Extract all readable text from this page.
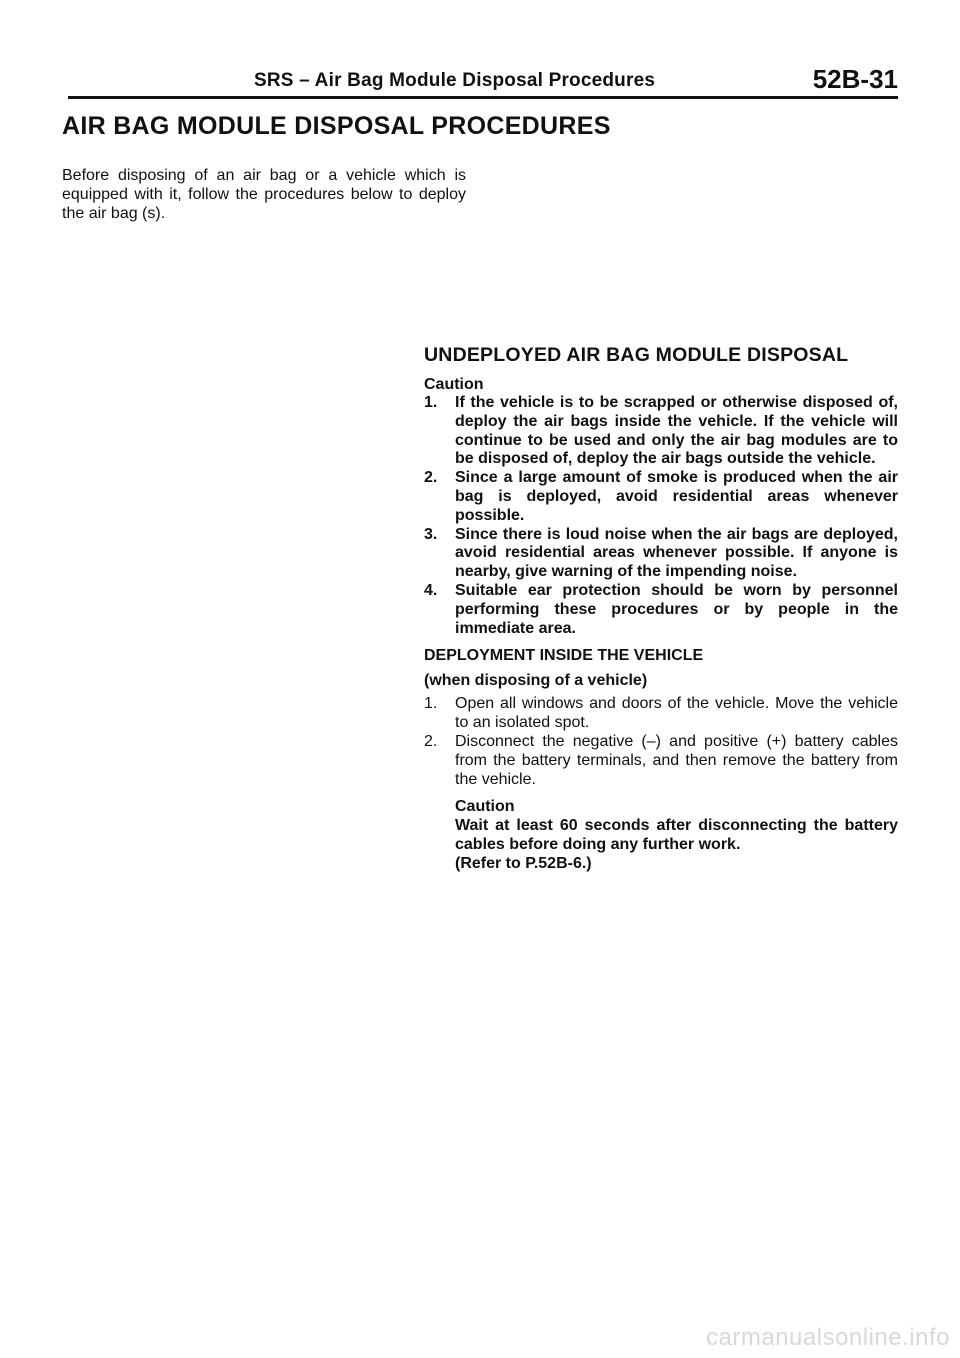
SRS – Air Bag Module Disposal Procedures	52B-31
AIR BAG MODULE DISPOSAL PROCEDURES
Before disposing of an air bag or a vehicle which is equipped with it, follow the procedures below to deploy the air bag (s).
UNDEPLOYED AIR BAG MODULE DISPOSAL
Caution
1. If the vehicle is to be scrapped or otherwise disposed of, deploy the air bags inside the vehicle. If the vehicle will continue to be used and only the air bag modules are to be disposed of, deploy the air bags outside the vehicle.
2. Since a large amount of smoke is produced when the air bag is deployed, avoid residential areas whenever possible.
3. Since there is loud noise when the air bags are deployed, avoid residential areas whenever possible. If anyone is nearby, give warning of the impending noise.
4. Suitable ear protection should be worn by personnel performing these procedures or by people in the immediate area.
DEPLOYMENT INSIDE THE VEHICLE
(when disposing of a vehicle)
1. Open all windows and doors of the vehicle. Move the vehicle to an isolated spot.
2. Disconnect the negative (–) and positive (+) battery cables from the battery terminals, and then remove the battery from the vehicle.
Caution
Wait at least 60 seconds after disconnecting the battery cables before doing any further work.
(Refer to P.52B-6.)
carmanualsonline.info
